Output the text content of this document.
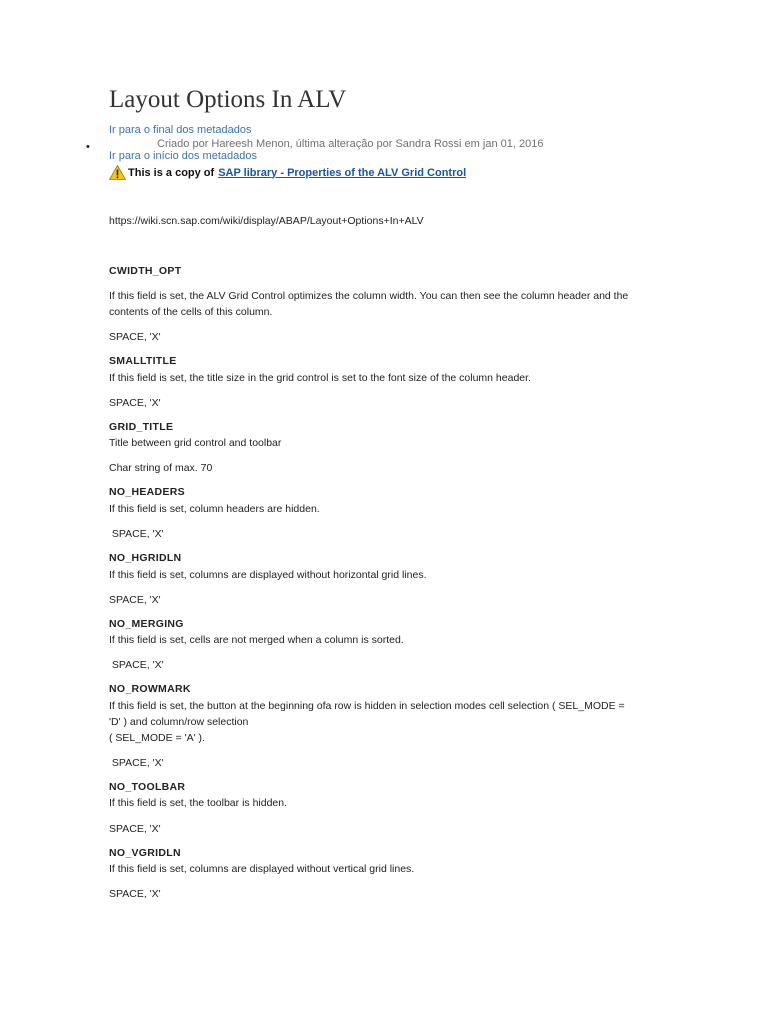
Layout Options In ALV
Ir para o final dos metadados
•	Criado por Hareesh Menon, última alteração por Sandra Rossi em jan 01, 2016
Ir para o início dos metadados
This is a copy of SAP library - Properties of the ALV Grid Control
https://wiki.scn.sap.com/wiki/display/ABAP/Layout+Options+In+ALV
CWIDTH_OPT
If this field is set, the ALV Grid Control optimizes the column width. You can then see the column header and the contents of the cells of this column.
SPACE, 'X'
SMALLTITLE
If this field is set, the title size in the grid control is set to the font size of the column header.
SPACE, 'X'
GRID_TITLE
Title between grid control and toolbar
Char string of max. 70
NO_HEADERS
If this field is set, column headers are hidden.
SPACE, 'X'
NO_HGRIDLN
If this field is set, columns are displayed without horizontal grid lines.
SPACE, 'X'
NO_MERGING
If this field is set, cells are not merged when a column is sorted.
SPACE, 'X'
NO_ROWMARK
If this field is set, the button at the beginning ofa row is hidden in selection modes cell selection ( SEL_MODE =
'D' ) and column/row selection
( SEL_MODE = 'A' ).
SPACE, 'X'
NO_TOOLBAR
If this field is set, the toolbar is hidden.
SPACE, 'X'
NO_VGRIDLN
If this field is set, columns are displayed without vertical grid lines.
SPACE, 'X'
